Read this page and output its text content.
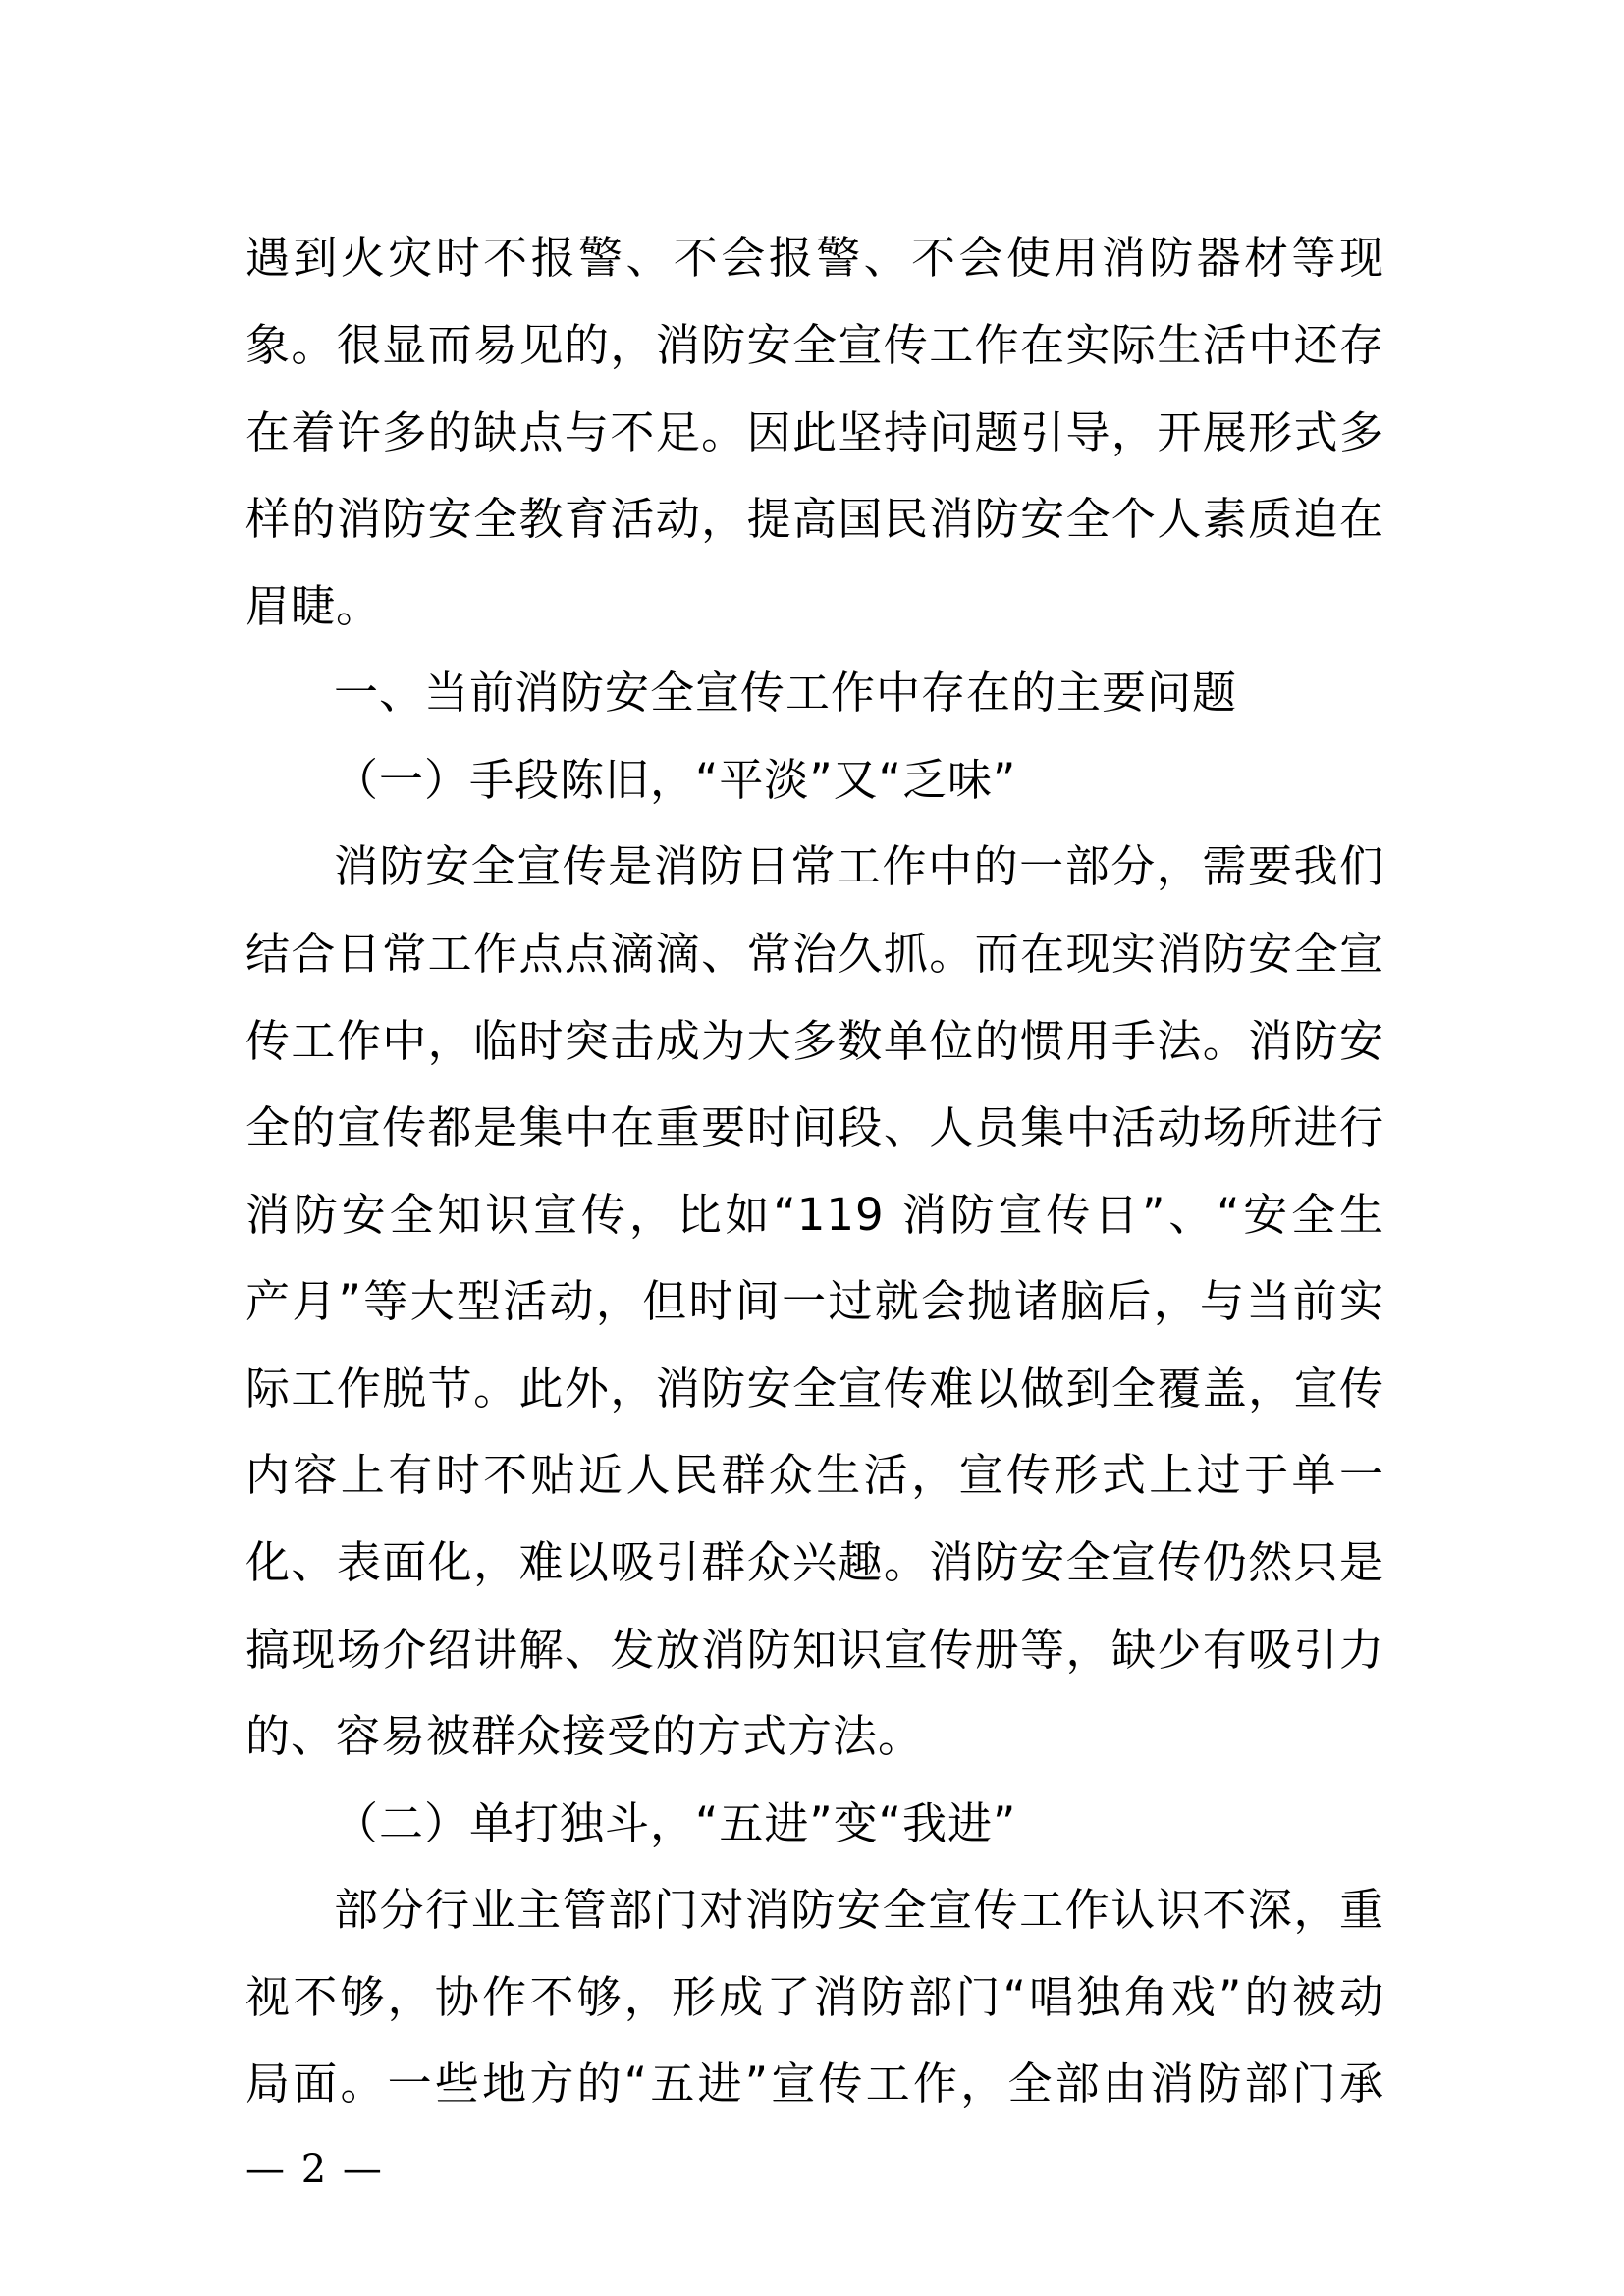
遇到火灾时不报警、不会报警、不会使用消防器材等现
象。很显而易见的，消防安全宣传工作在实际生活中还存
在着许多的缺点与不足。因此坚持问题引导，开展形式多
样的消防安全教育活动，提高国民消防安全个人素质迫在
眉睫。
一、当前消防安全宣传工作中存在的主要问题
（一）手段陈旧，“平淡”又“乏味”
消防安全宣传是消防日常工作中的一部分，需要我们
结合日常工作点点滴滴、常治久抓。而在现实消防安全宣
传工作中，临时突击成为大多数单位的惯用手法。消防安
全的宣传都是集中在重要时间段、人员集中活动场所进行
消防安全知识宣传，比如“119 消防宣传日”、“安全生
产月”等大型活动，但时间一过就会抛诸脑后，与当前实
际工作脱节。此外，消防安全宣传难以做到全覆盖，宣传
内容上有时不贴近人民群众生活，宣传形式上过于单一
化、表面化，难以吸引群众兴趣。消防安全宣传仍然只是
搞现场介绍讲解、发放消防知识宣传册等，缺少有吸引力
的、容易被群众接受的方式方法。
（二）单打独斗，“五进”变“我进”
部分行业主管部门对消防安全宣传工作认识不深，重
视不够，协作不够，形成了消防部门“唱独角戏”的被动
局面。一些地方的“五进”宣传工作，全部由消防部门承
— 2 —
